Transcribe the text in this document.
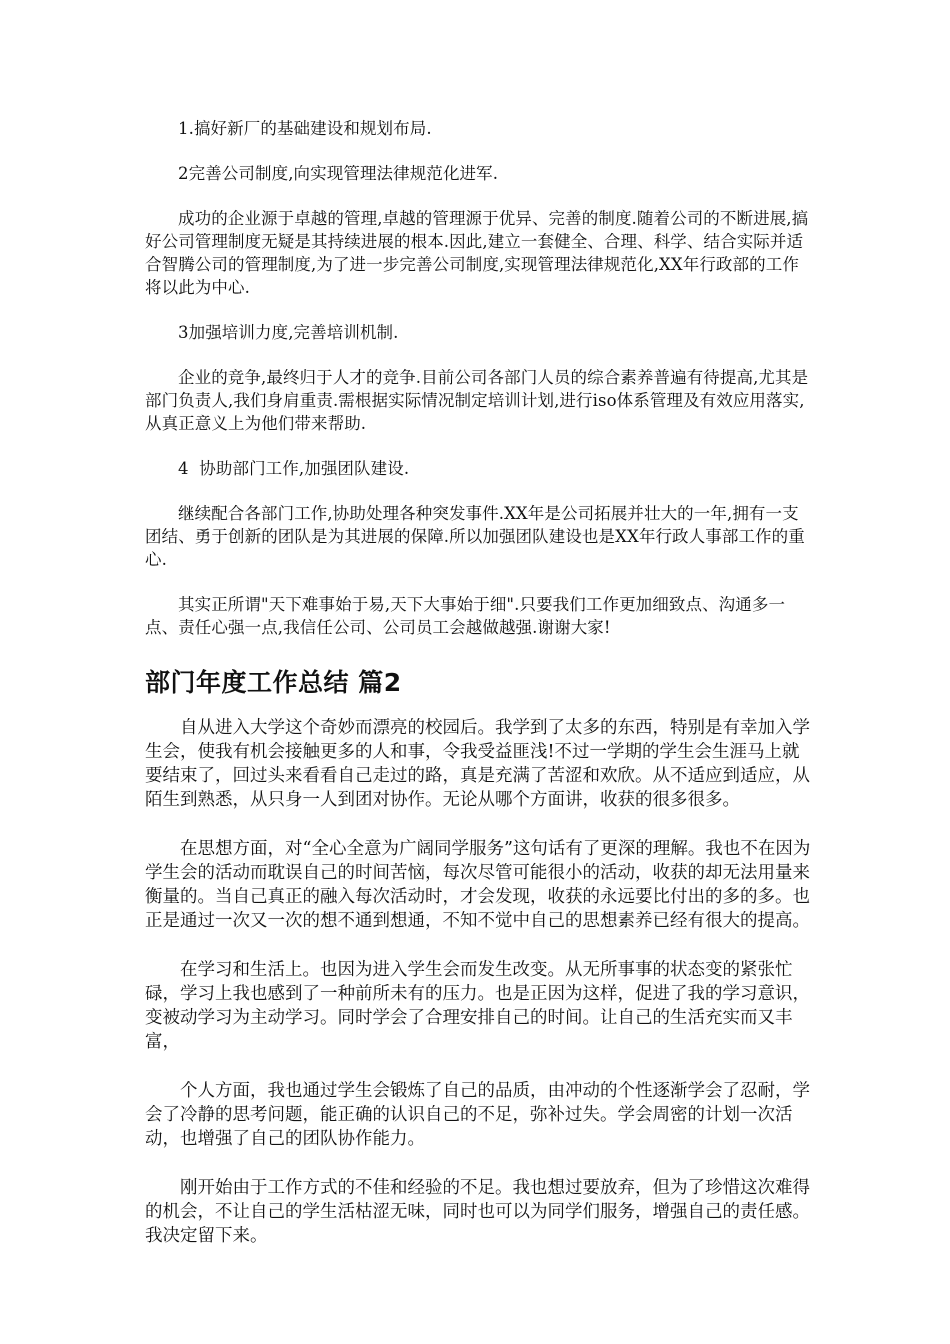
1.搞好新厂的基础建设和规划布局.

2完善公司制度,向实现管理法律规范化进军.

成功的企业源于卓越的管理,卓越的管理源于优异、完善的制度.随着公司的不断进展,搞好公司管理制度无疑是其持续进展的根本.因此,建立一套健全、合理、科学、结合实际并适合智腾公司的管理制度,为了进一步完善公司制度,实现管理法律规范化,XX年行政部的工作将以此为中心.

3加强培训力度,完善培训机制.

企业的竞争,最终归于人才的竞争.目前公司各部门人员的综合素养普遍有待提高,尤其是部门负责人,我们身肩重责.需根据实际情况制定培训计划,进行iso体系管理及有效应用落实,从真正意义上为他们带来帮助.

4  协助部门工作,加强团队建设.

继续配合各部门工作,协助处理各种突发事件.XX年是公司拓展并壮大的一年,拥有一支团结、勇于创新的团队是为其进展的保障.所以加强团队建设也是XX年行政人事部工作的重心.

其实正所谓"天下难事始于易,天下大事始于细".只要我们工作更加细致点、沟通多一点、责任心强一点,我信任公司、公司员工会越做越强.谢谢大家!

部门年度工作总结 篇2

自从进入大学这个奇妙而漂亮的校园后。我学到了太多的东西，特别是有幸加入学生会，使我有机会接触更多的人和事，令我受益匪浅!不过一学期的学生会生涯马上就要结束了，回过头来看看自己走过的路，真是充满了苦涩和欢欣。从不适应到适应，从陌生到熟悉，从只身一人到团对协作。无论从哪个方面讲，收获的很多很多。

在思想方面，对“全心全意为广阔同学服务”这句话有了更深的理解。我也不在因为学生会的活动而耽误自己的时间苦恼，每次尽管可能很小的活动，收获的却无法用量来衡量的。当自己真正的融入每次活动时，才会发现，收获的永远要比付出的多的多。也正是通过一次又一次的想不通到想通，不知不觉中自己的思想素养已经有很大的提高。

在学习和生活上。也因为进入学生会而发生改变。从无所事事的状态变的紧张忙碌，学习上我也感到了一种前所未有的压力。也是正因为这样，促进了我的学习意识，变被动学习为主动学习。同时学会了合理安排自己的时间。让自己的生活充实而又丰富，

个人方面，我也通过学生会锻炼了自己的品质，由冲动的个性逐渐学会了忍耐，学会了冷静的思考问题，能正确的认识自己的不足，弥补过失。学会周密的计划一次活动，也增强了自己的团队协作能力。

刚开始由于工作方式的不佳和经验的不足。我也想过要放弃，但为了珍惜这次难得的机会，不让自己的学生活枯涩无味，同时也可以为同学们服务，增强自己的责任感。我决定留下来。
